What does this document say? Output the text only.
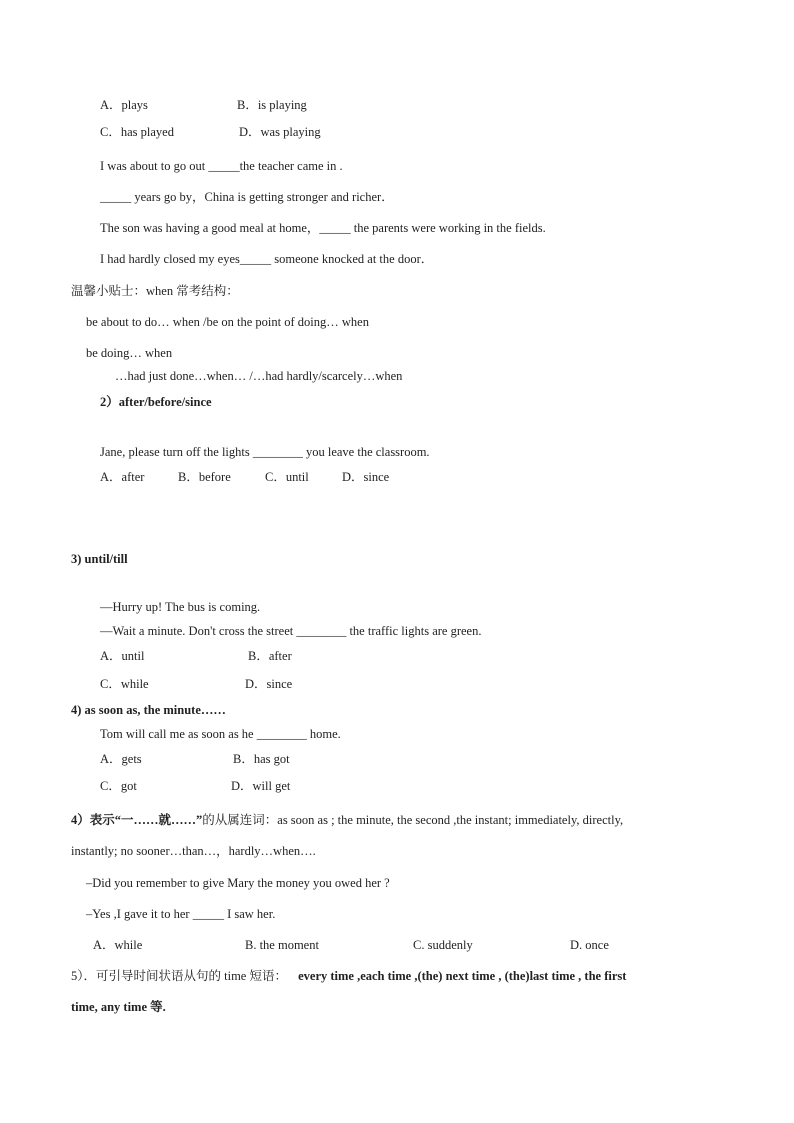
A．plays	B．is playing
C．has played	D．was playing
I was about to go out _____the teacher came in .
_____ years go by，China is getting stronger and richer．
The son was having a good meal at home，_____ the parents were working in the fields.
I had hardly closed my eyes_____ someone knocked at the door．
温馨小贴士：when 常考结构：
be about to do… when /be on the point of doing… when
be doing… when
…had just done…when… /…had hardly/scarcely…when
2）after/before/since
Jane, please turn off the lights ________ you leave the classroom.
A．after	B．before	C．until	D．since
3) until/till
—Hurry up! The bus is coming.
—Wait a minute. Don't cross the street ________ the traffic lights are green.
A．until	B．after
C．while	D．since
4) as soon as, the minute……
Tom will call me as soon as he ________ home.
A．gets	B．has got
C．got	D．will get
4）表示“一……就……”的从属连词：as soon as ; the minute, the second ,the instant; immediately, directly,
instantly; no sooner…than…，hardly…when….
–Did you remember to give Mary the money you owed her ?
–Yes ,I gave it to her _____ I saw her.
A．while	B. the moment	C. suddenly	D. once
5）．可引导时间状语从句的 time 短语： every time ,each time ,(the) next time , (the)last time , the first
time, any time 等.
